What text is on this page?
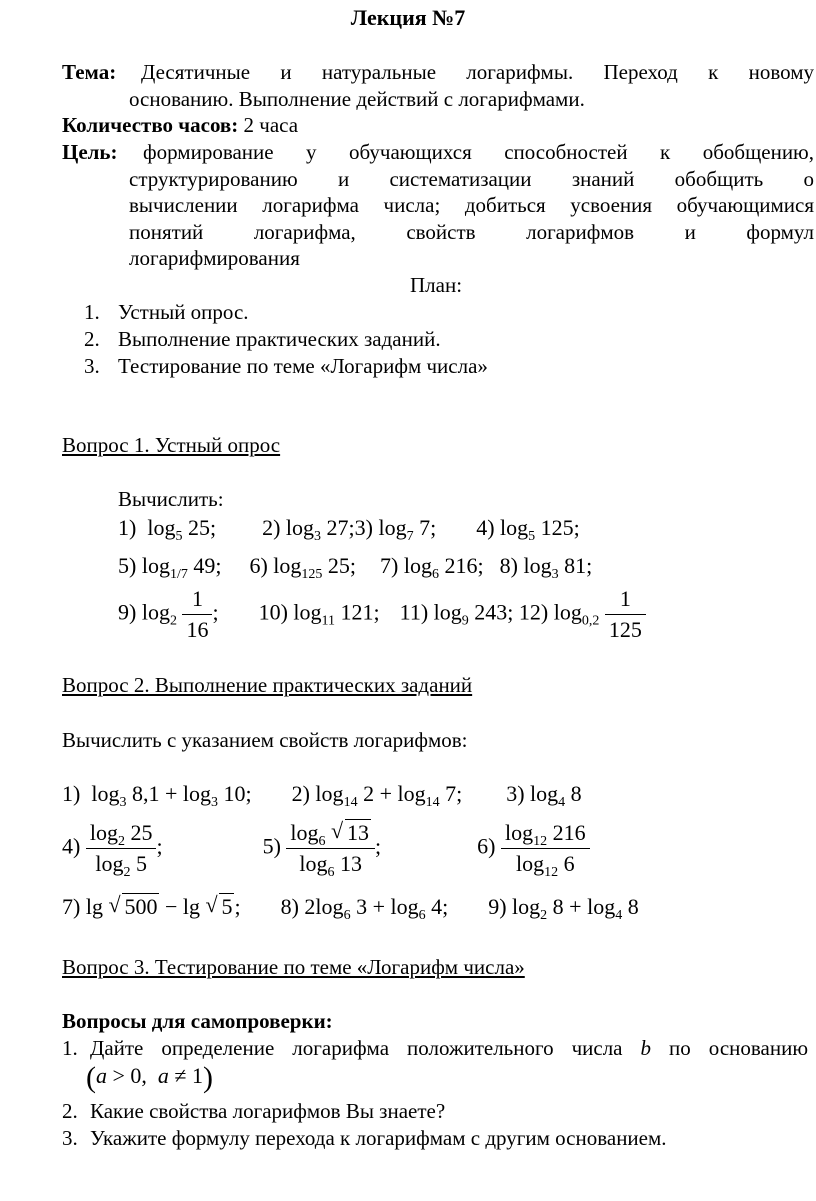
Лекция №7
Тема: Десятичные и натуральные логарифмы. Переход к новому
основанию. Выполнение действий с логарифмами.
Количество часов: 2 часа
Цель: формирование у обучающихся способностей к обобщению,
структурированию и систематизации знаний обобщить о
вычислении логарифма числа; добиться усвоения обучающимися
понятий логарифма, свойств логарифмов и формул
логарифмирования
План:
1. Устный опрос.
2. Выполнение практических заданий.
3. Тестирование по теме «Логарифм числа»
Вопрос 1. Устный опрос
Вычислить:
1)  $\log_5 25$; 2) $\log_3$ 27;3) $\log_7 7$; 4) $\log_5 125$;
5) $\log_{1/7} 49$; 6) $\log_{125} 25$; 7) $\log_6 216$; 8) $\log_3 81$;
9) $\log_2 \frac{1}{16}$ ; 10) $\log_{11} 121$; 11) $\log_9 243$; 12) $\log_{0,2} \frac{1}{125}$
Вопрос 2. Выполнение практических заданий
Вычислить с указанием свойств логарифмов:
1)  $\log_3 8,1 + \log_3 10$; 2) $\log_{14} 2 + \log_{14} 7$; 3) $\log_4 8$
$4) \frac{\log_2 25}{\log_2 5}$ ;	$5) \frac{\log_6 √ 13}{\log_6 13}$ ;	$6) \frac{\log_{12} 216}{\log_{12} 6}$
7) lg √ 500 − lg √ 5; 8) $2\log_6$ $3 + \log_6 4$; 9) $\log_2 8 + \log_4 8$
Вопрос 3. Тестирование по теме «Логарифм числа»
Вопросы для самопроверки:
1. Дайте определение логарифма положительного числа b по основанию
(a > 0,  a ≠ 1)
2. Какие свойства логарифмов Вы знаете?
3. Укажите формулу перехода к логарифмам с другим основанием.
